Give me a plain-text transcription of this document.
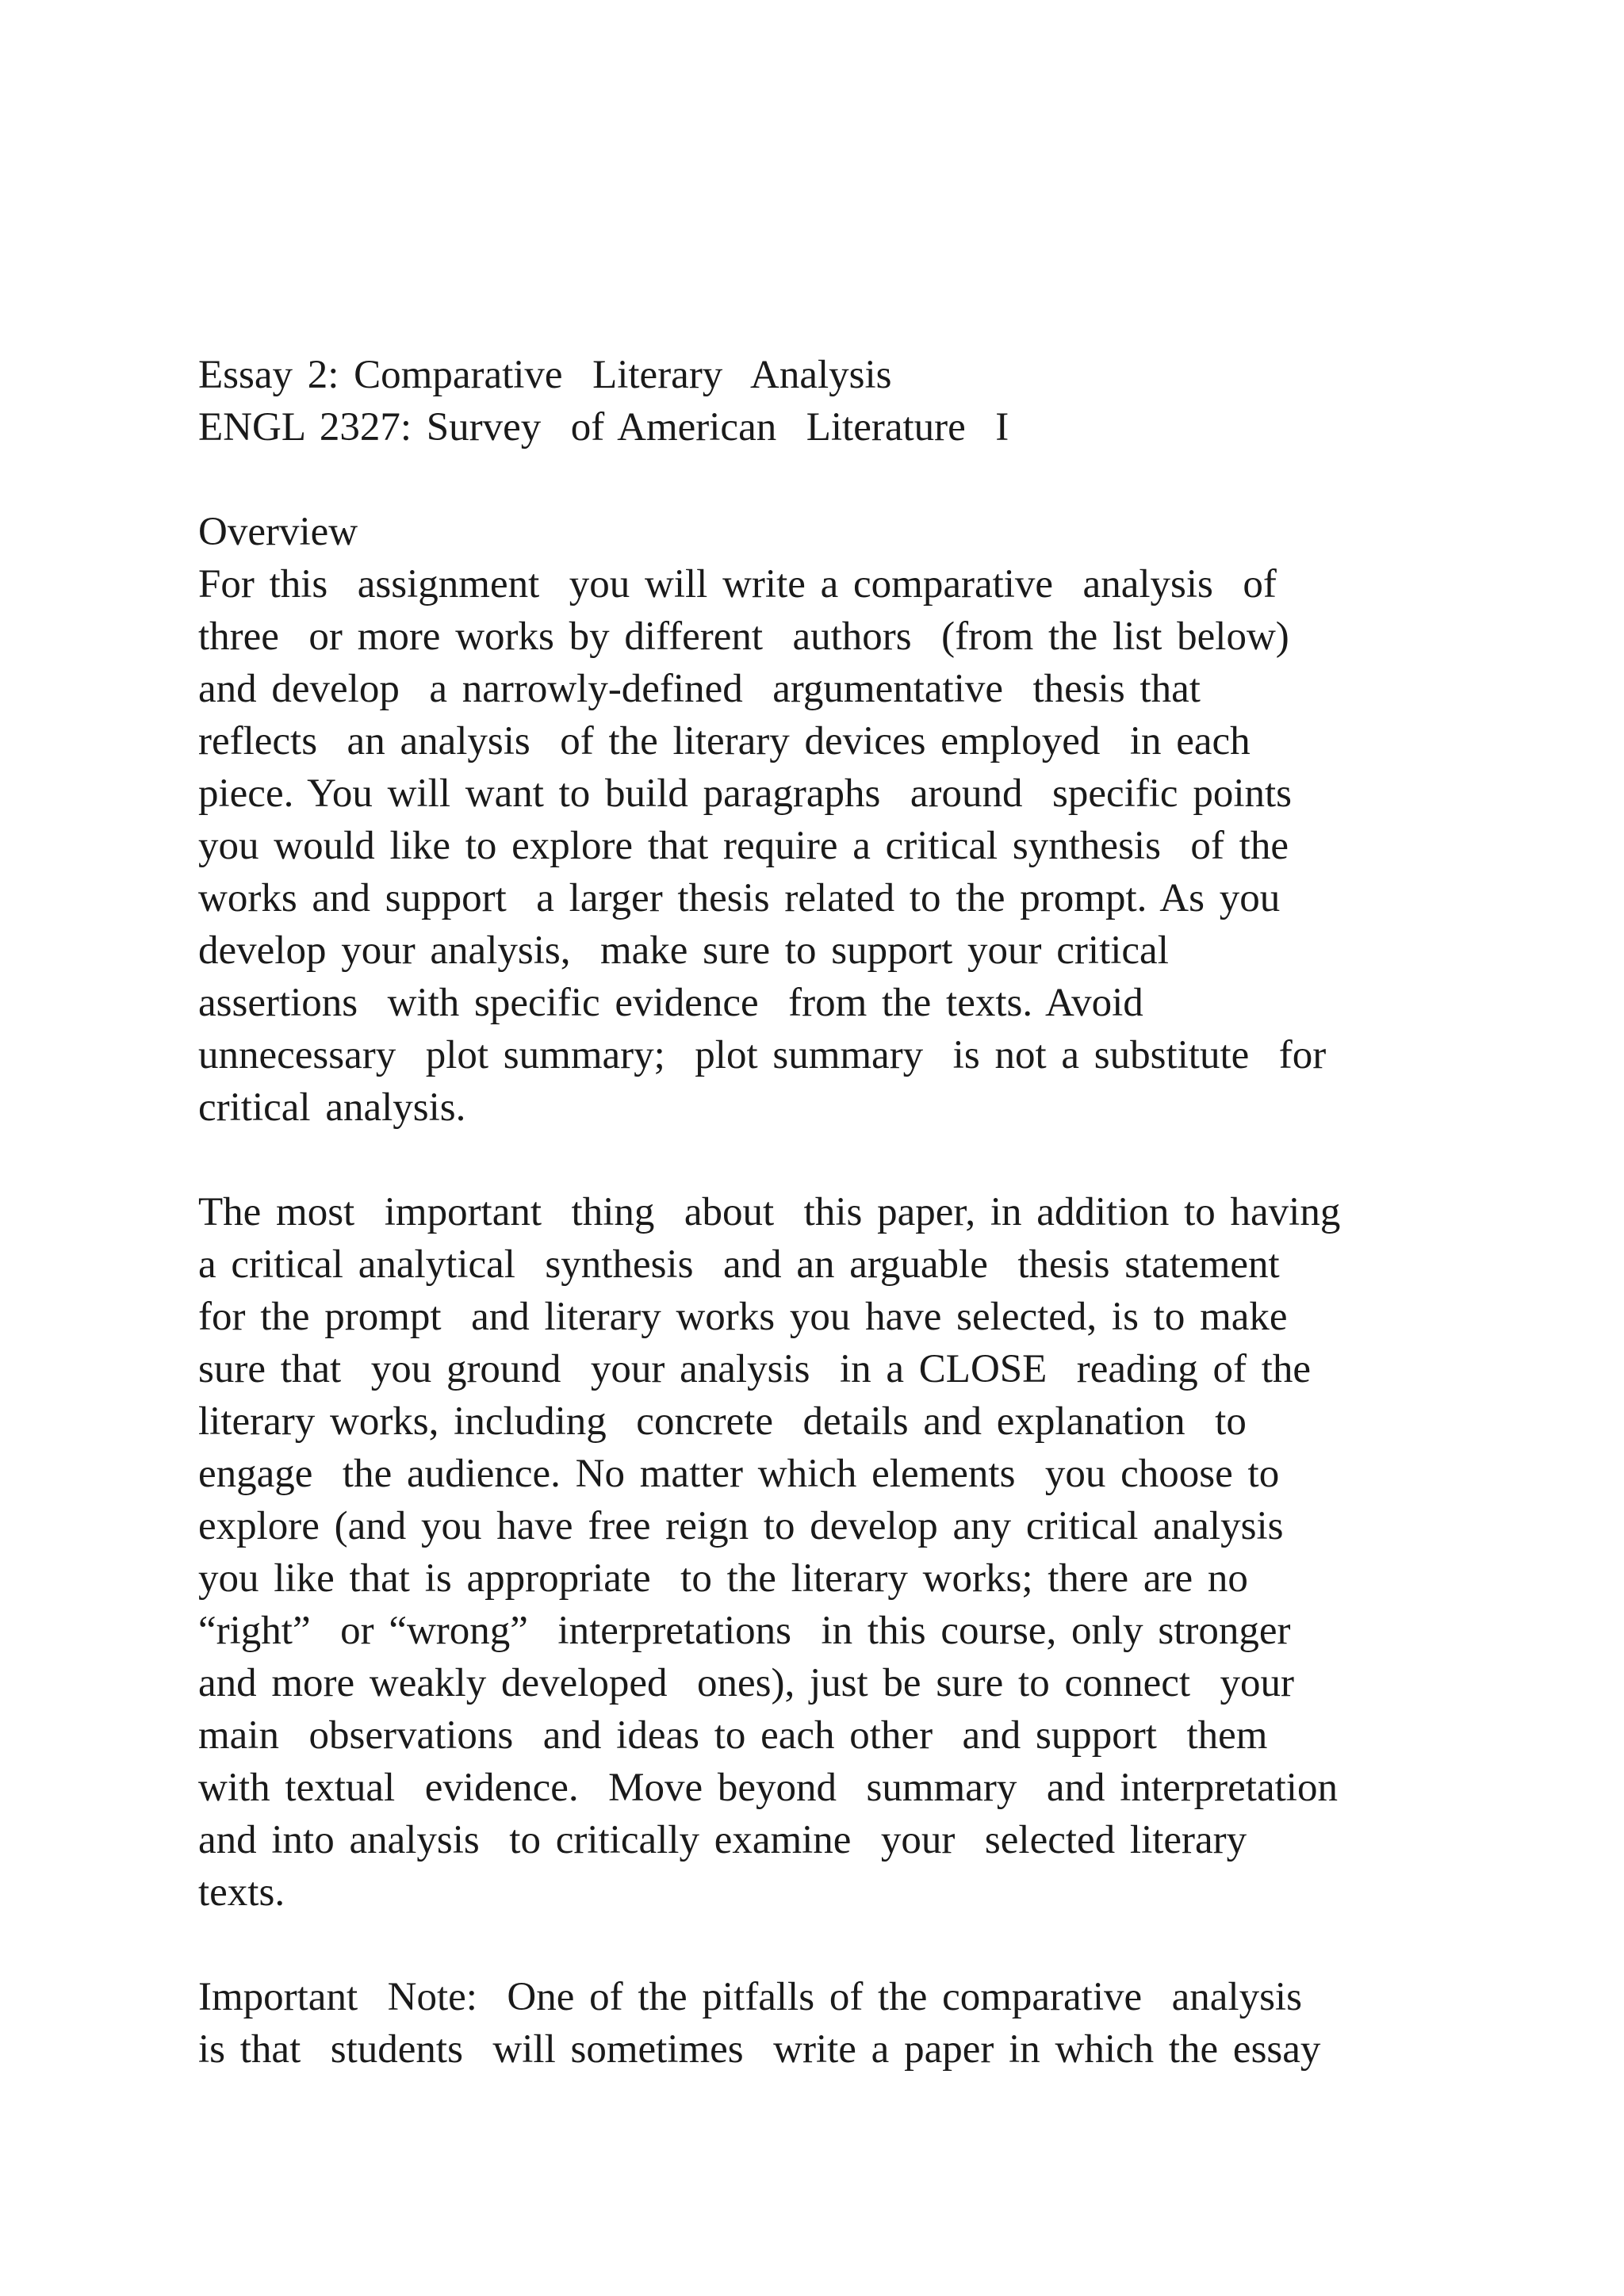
Essay 2: Comparative  Literary  Analysis
ENGL 2327: Survey  of American  Literature  I
Overview
For this  assignment  you will write a comparative  analysis  of
three  or more works by different  authors  (from the list below)
and develop  a narrowly-defined  argumentative  thesis that
reflects  an analysis  of the literary devices employed  in each
piece. You will want to build paragraphs  around  specific points
you would like to explore that require a critical synthesis  of the
works and support  a larger thesis related to the prompt. As you
develop your analysis,  make sure to support your critical
assertions  with specific evidence  from the texts. Avoid
unnecessary  plot summary;  plot summary  is not a substitute  for
critical analysis.
The most  important  thing  about  this paper, in addition to having
a critical analytical  synthesis  and an arguable  thesis statement
for the prompt  and literary works you have selected, is to make
sure that  you ground  your analysis  in a CLOSE  reading of the
literary works, including  concrete  details and explanation  to
engage  the audience. No matter which elements  you choose to
explore (and you have free reign to develop any critical analysis
you like that is appropriate  to the literary works; there are no
“right”  or “wrong”  interpretations  in this course, only stronger
and more weakly developed  ones), just be sure to connect  your
main  observations  and ideas to each other  and support  them
with textual  evidence.  Move beyond  summary  and interpretation
and into analysis  to critically examine  your  selected literary
texts.
Important  Note:  One of the pitfalls of the comparative  analysis
is that  students  will sometimes  write a paper in which the essay
